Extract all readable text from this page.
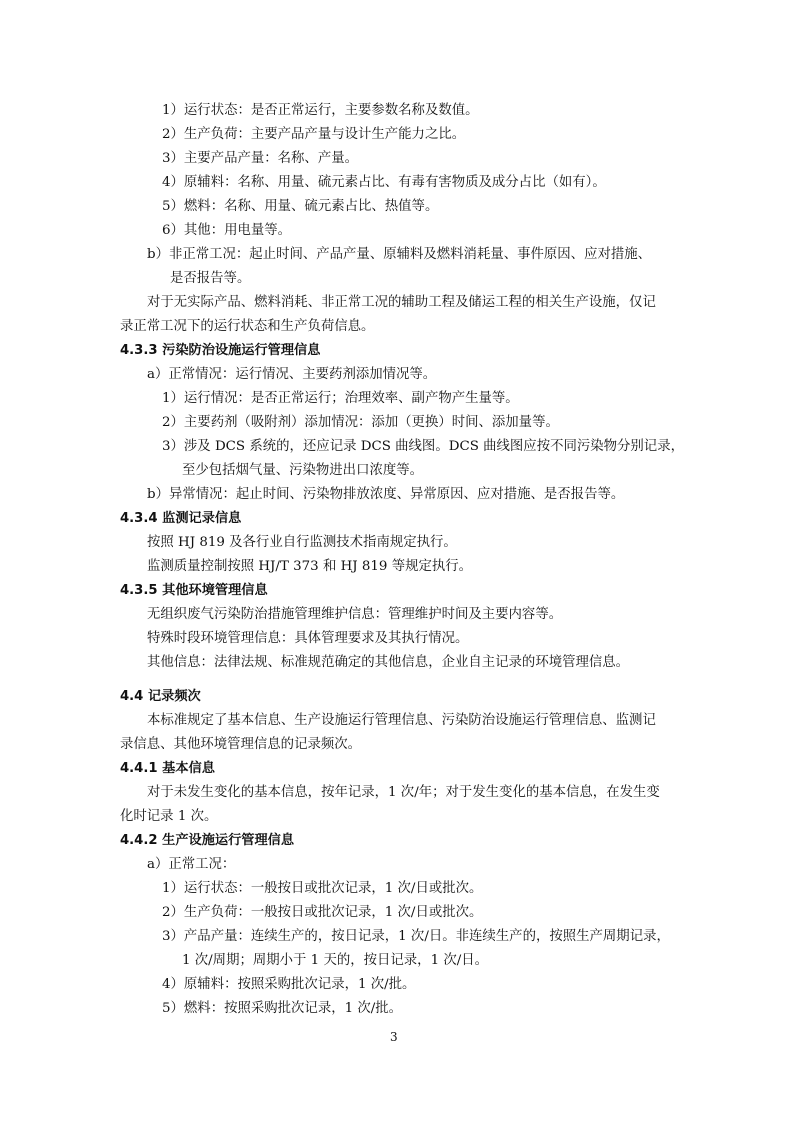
1）运行状态：是否正常运行，主要参数名称及数值。
2）生产负荷：主要产品产量与设计生产能力之比。
3）主要产品产量：名称、产量。
4）原辅料：名称、用量、硫元素占比、有毒有害物质及成分占比（如有）。
5）燃料：名称、用量、硫元素占比、热值等。
6）其他：用电量等。
b）非正常工况：起止时间、产品产量、原辅料及燃料消耗量、事件原因、应对措施、
是否报告等。
对于无实际产品、燃料消耗、非正常工况的辅助工程及储运工程的相关生产设施，仅记
录正常工况下的运行状态和生产负荷信息。
4.3.3 污染防治设施运行管理信息
a）正常情况：运行情况、主要药剂添加情况等。
1）运行情况：是否正常运行；治理效率、副产物产生量等。
2）主要药剂（吸附剂）添加情况：添加（更换）时间、添加量等。
3）涉及 DCS 系统的，还应记录 DCS 曲线图。DCS 曲线图应按不同污染物分别记录，
至少包括烟气量、污染物进出口浓度等。
b）异常情况：起止时间、污染物排放浓度、异常原因、应对措施、是否报告等。
4.3.4 监测记录信息
按照 HJ 819 及各行业自行监测技术指南规定执行。
监测质量控制按照 HJ/T 373 和 HJ 819 等规定执行。
4.3.5 其他环境管理信息
无组织废气污染防治措施管理维护信息：管理维护时间及主要内容等。
特殊时段环境管理信息：具体管理要求及其执行情况。
其他信息：法律法规、标准规范确定的其他信息，企业自主记录的环境管理信息。
4.4 记录频次
本标准规定了基本信息、生产设施运行管理信息、污染防治设施运行管理信息、监测记
录信息、其他环境管理信息的记录频次。
4.4.1 基本信息
对于未发生变化的基本信息，按年记录，1 次/年；对于发生变化的基本信息，在发生变
化时记录 1 次。
4.4.2 生产设施运行管理信息
a）正常工况：
1）运行状态：一般按日或批次记录，1 次/日或批次。
2）生产负荷：一般按日或批次记录，1 次/日或批次。
3）产品产量：连续生产的，按日记录，1 次/日。非连续生产的，按照生产周期记录，
1 次/周期；周期小于 1 天的，按日记录，1 次/日。
4）原辅料：按照采购批次记录，1 次/批。
5）燃料：按照采购批次记录，1 次/批。
3
